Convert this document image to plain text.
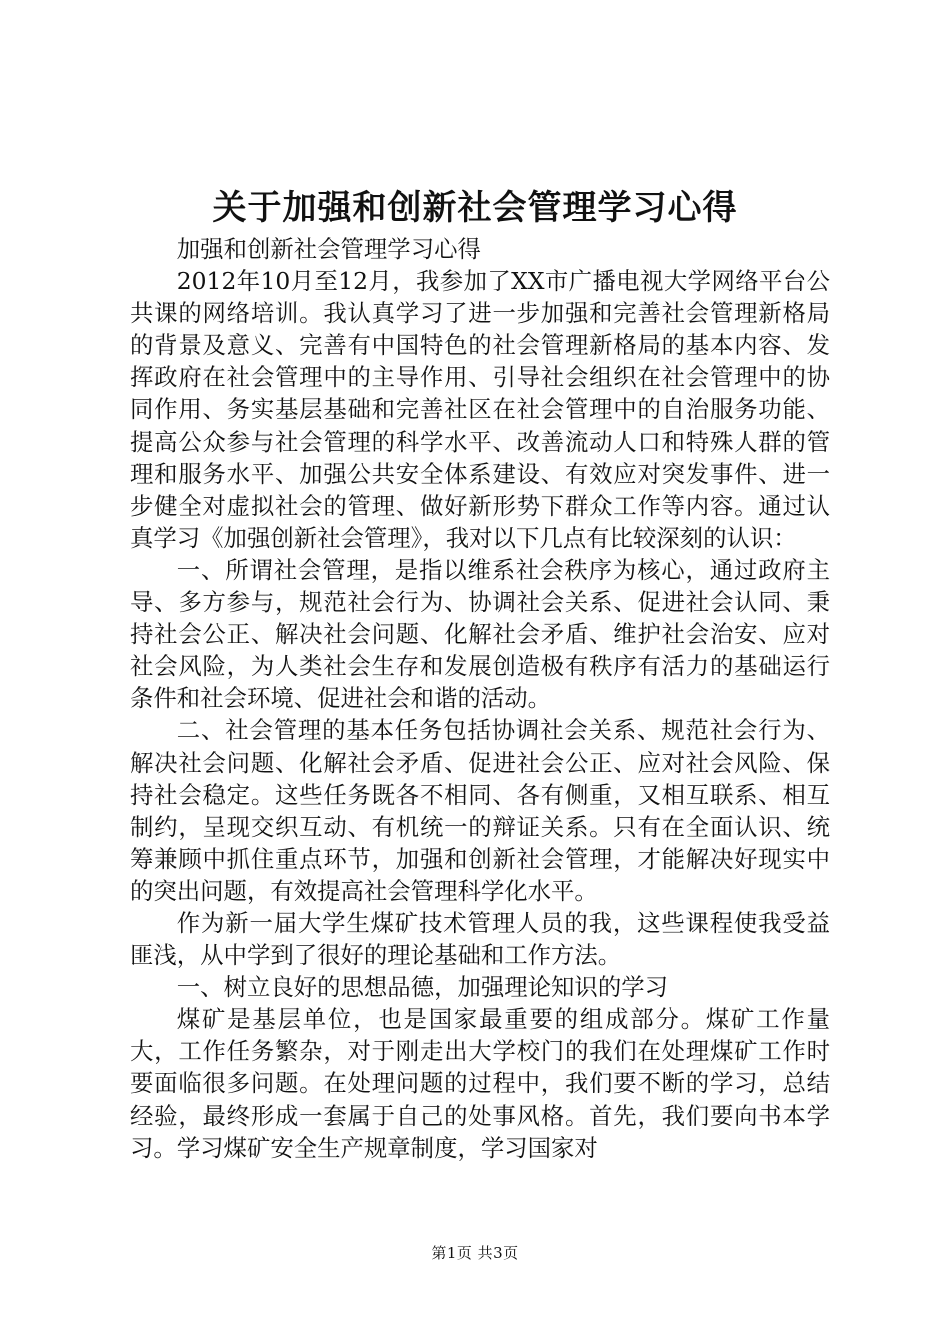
关于加强和创新社会管理学习心得

加强和创新社会管理学习心得

2012年10月至12月，我参加了XX市广播电视大学网络平台公共课的网络培训。我认真学习了进一步加强和完善社会管理新格局的背景及意义、完善有中国特色的社会管理新格局的基本内容、发挥政府在社会管理中的主导作用、引导社会组织在社会管理中的协同作用、务实基层基础和完善社区在社会管理中的自治服务功能、提高公众参与社会管理的科学水平、改善流动人口和特殊人群的管理和服务水平、加强公共安全体系建设、有效应对突发事件、进一步健全对虚拟社会的管理、做好新形势下群众工作等内容。通过认真学习《加强创新社会管理》，我对以下几点有比较深刻的认识：

一、所谓社会管理，是指以维系社会秩序为核心，通过政府主导、多方参与，规范社会行为、协调社会关系、促进社会认同、秉持社会公正、解决社会问题、化解社会矛盾、维护社会治安、应对社会风险，为人类社会生存和发展创造极有秩序有活力的基础运行条件和社会环境、促进社会和谐的活动。

二、社会管理的基本任务包括协调社会关系、规范社会行为、解决社会问题、化解社会矛盾、促进社会公正、应对社会风险、保持社会稳定。这些任务既各不相同、各有侧重，又相互联系、相互制约，呈现交织互动、有机统一的辩证关系。只有在全面认识、统筹兼顾中抓住重点环节，加强和创新社会管理，才能解决好现实中的突出问题，有效提高社会管理科学化水平。

作为新一届大学生煤矿技术管理人员的我，这些课程使我受益匪浅，从中学到了很好的理论基础和工作方法。

一、树立良好的思想品德，加强理论知识的学习

煤矿是基层单位，也是国家最重要的组成部分。煤矿工作量大，工作任务繁杂，对于刚走出大学校门的我们在处理煤矿工作时要面临很多问题。在处理问题的过程中，我们要不断的学习，总结经验，最终形成一套属于自己的处事风格。首先，我们要向书本学习。学习煤矿安全生产规章制度，学习国家对

第1页 共3页
